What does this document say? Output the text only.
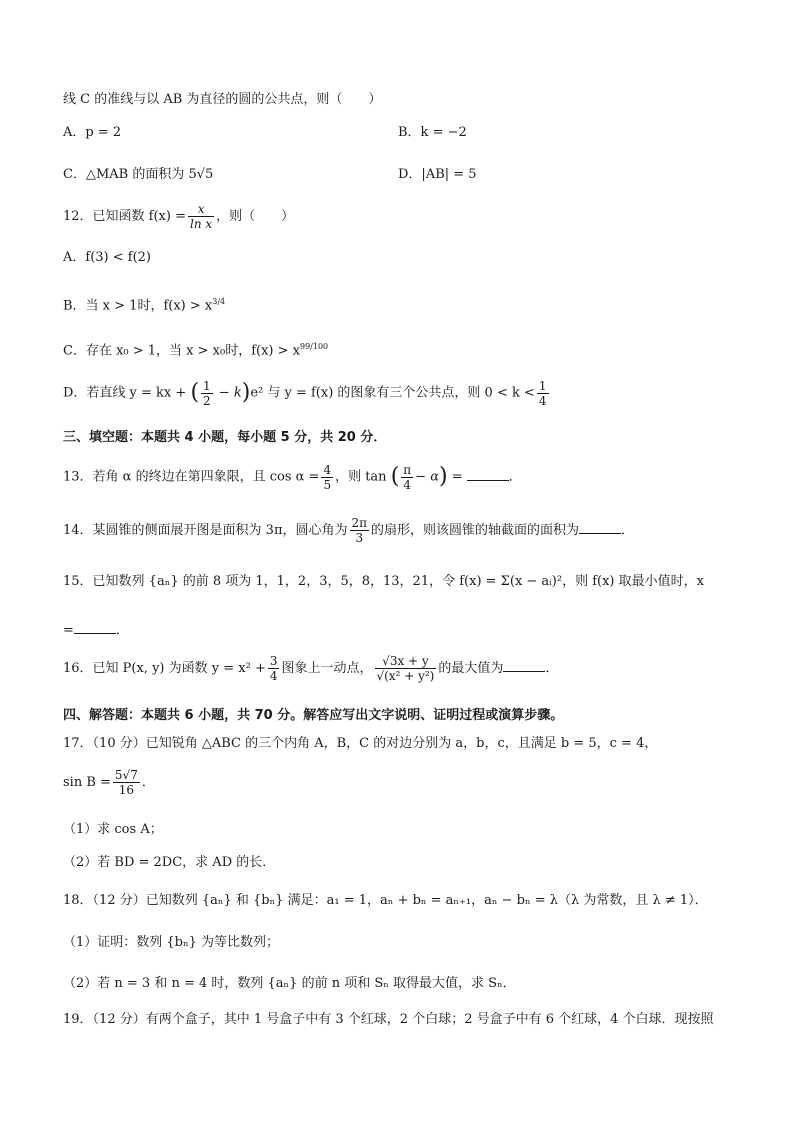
线 C 的准线与以 AB 为直径的圆的公共点，则（　　）
A．p = 2	B．k = −2
C．△MAB 的面积为 5√5	D．|AB| = 5
12．已知函数 $f(x) = \frac{x}{\text{ln x}}$ ，则（　　）
A．f(3) < f(2)
B．当 x > 1时，$f(x) > x^{3/4}$
C．存在 x₀ > 1，当 x > x₀时，$f(x) > x^{99/100}$
D．若直线 y = kx + ( $\frac{1}{2} - k)e^2$ 与 y = f(x) 的图象有三个公共点，则 $0 < k < \frac{1}{4}$
三、填空题：本题共 4 小题，每小题 5 分，共 20 分．
13．若角 α 的终边在第四象限，且 $\cos \alpha = \frac{4}{5}$ ，则 tan ( $\frac{\pi}{4} - \alpha$) =	．
14．某圆锥的侧面展开图是面积为 3π，圆心角为 $\frac{2\pi}{3}$ 的扇形，则该圆锥的轴截面的面积为	．
15．已知数列 {aₙ} 的前 8 项为 1，1，2，3，5，8，13，21，令 f(x) = Σ(x − aᵢ)²，则 f(x) 取最小值时，x
=	．
16．已知 P(x, y) 为函数 $y = x^2 + \frac{3}{4}$ 图象上一动点， $\frac{√3x + y}{\text{√(x² + y²)}}$ 的最大值为	．
四、解答题：本题共 6 小题，共 70 分。解答应写出文字说明、证明过程或演算步骤。
17．（10 分）已知锐角 △ABC 的三个内角 A，B，C 的对边分别为 a，b，c，且满足 b = 5，c = 4，
$\sin B = \frac{5√7}{16}$ ．
（1）求 cos A；
（2）若 BD = 2DC，求 AD 的长．
18．（12 分）已知数列 {aₙ} 和 {bₙ} 满足：a₁ = 1，aₙ + bₙ = aₙ₊₁，aₙ − bₙ = λ（λ 为常数，且 λ ≠ 1）．
（1）证明：数列 {bₙ} 为等比数列；
（2）若 n = 3 和 n = 4 时，数列 {aₙ} 的前 n 项和 Sₙ 取得最大值，求 Sₙ．
19．（12 分）有两个盒子，其中 1 号盒子中有 3 个红球，2 个白球；2 号盒子中有 6 个红球，4 个白球．现按照
